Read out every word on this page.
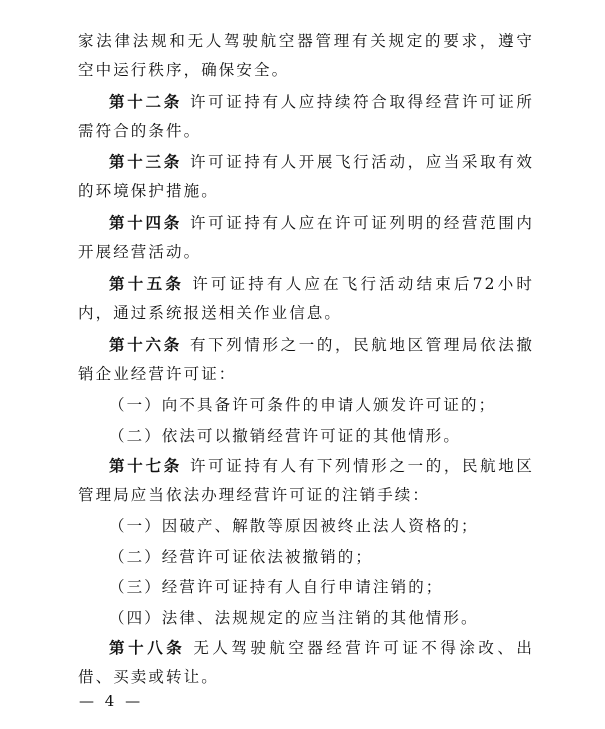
家法律法规和无人驾驶航空器管理有关规定的要求，遵守空中运行秩序，确保安全。

第十二条 许可证持有人应持续符合取得经营许可证所需符合的条件。

第十三条 许可证持有人开展飞行活动，应当采取有效的环境保护措施。

第十四条 许可证持有人应在许可证列明的经营范围内开展经营活动。

第十五条 许可证持有人应在飞行活动结束后72小时内，通过系统报送相关作业信息。

第十六条 有下列情形之一的，民航地区管理局依法撤销企业经营许可证：

（一）向不具备许可条件的申请人颁发许可证的；

（二）依法可以撤销经营许可证的其他情形。

第十七条 许可证持有人有下列情形之一的，民航地区管理局应当依法办理经营许可证的注销手续：

（一）因破产、解散等原因被终止法人资格的；

（二）经营许可证依法被撤销的；

（三）经营许可证持有人自行申请注销的；

（四）法律、法规规定的应当注销的其他情形。

第十八条 无人驾驶航空器经营许可证不得涂改、出借、买卖或转让。

— 4 —
